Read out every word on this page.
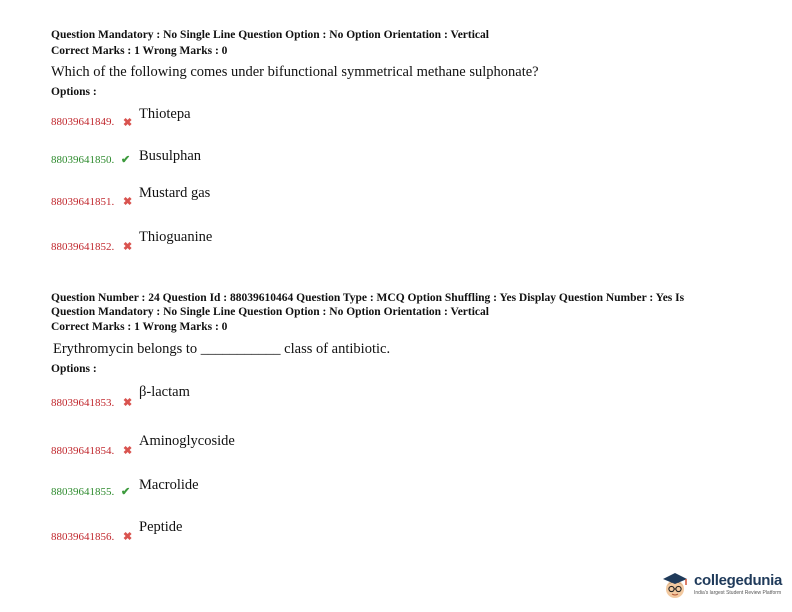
Question Mandatory : No Single Line Question Option : No Option Orientation : Vertical
Correct Marks : 1 Wrong Marks : 0
Which of the following comes under bifunctional symmetrical methane sulphonate?
Options :
88039641849. ✖
Thiotepa
88039641850. ✔ Busulphan
88039641851. ✖
Mustard gas
88039641852. ✖
Thioguanine
Question Number : 24 Question Id : 88039610464 Question Type : MCQ Option Shuffling : Yes Display Question Number : Yes Is
Question Mandatory : No Single Line Question Option : No Option Orientation : Vertical
Correct Marks : 1 Wrong Marks : 0
Erythromycin belongs to ___________ class of antibiotic.
Options :
88039641853. ✖
β-lactam
88039641854. ✖
Aminoglycoside
88039641855. ✔ Macrolide
88039641856. ✖
Peptide
collegedunia
India's largest Student Review Platform
